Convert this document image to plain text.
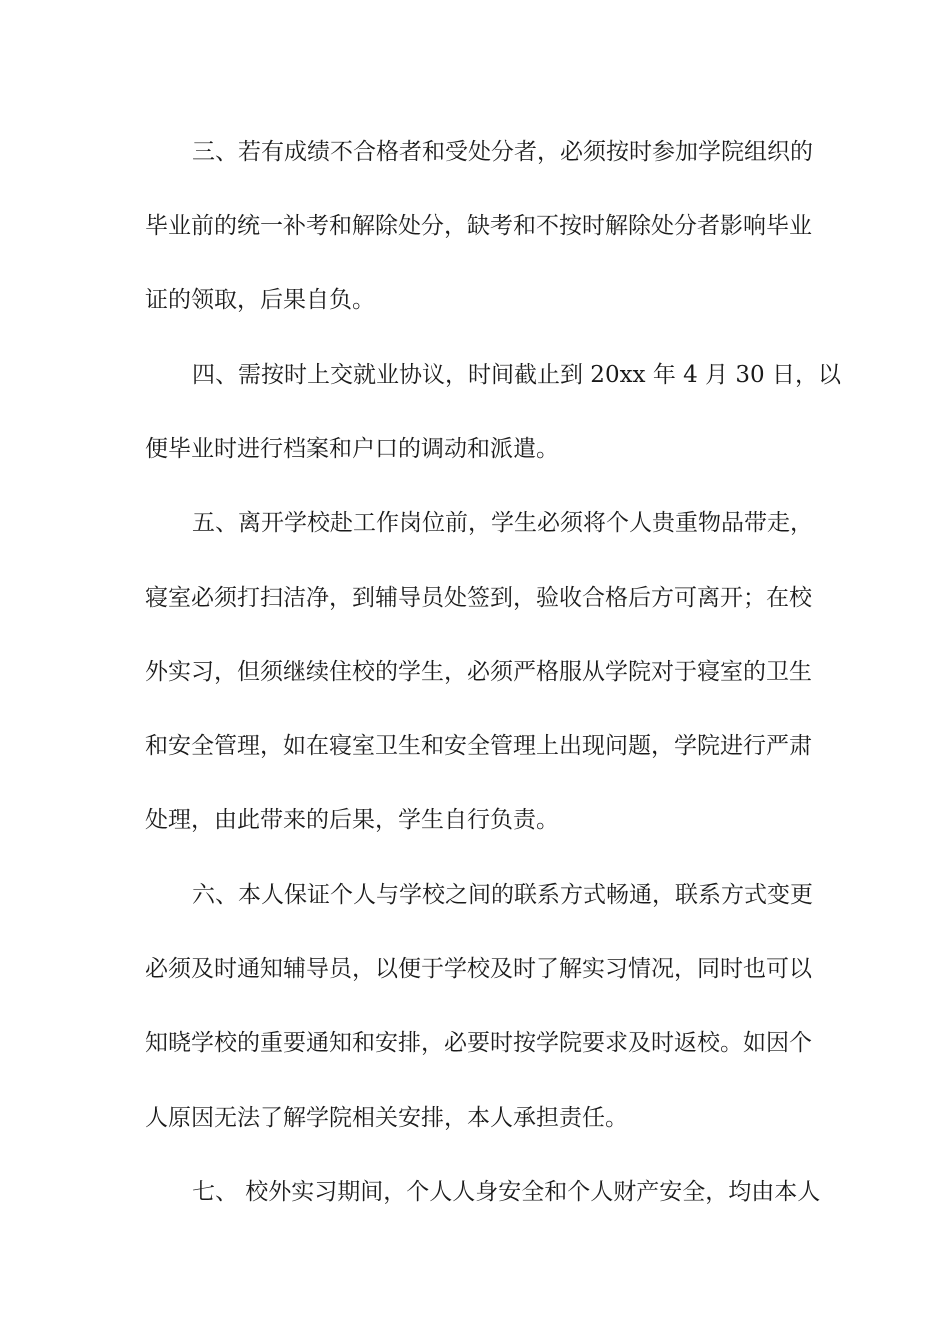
三、若有成绩不合格者和受处分者，必须按时参加学院组织的
毕业前的统一补考和解除处分，缺考和不按时解除处分者影响毕业
证的领取，后果自负。
四、需按时上交就业协议，时间截止到 20xx 年 4 月 30 日，以
便毕业时进行档案和户口的调动和派遣。
五、离开学校赴工作岗位前，学生必须将个人贵重物品带走，
寝室必须打扫洁净，到辅导员处签到，验收合格后方可离开；在校
外实习，但须继续住校的学生，必须严格服从学院对于寝室的卫生
和安全管理，如在寝室卫生和安全管理上出现问题，学院进行严肃
处理，由此带来的后果，学生自行负责。
六、本人保证个人与学校之间的联系方式畅通，联系方式变更
必须及时通知辅导员，以便于学校及时了解实习情况，同时也可以
知晓学校的重要通知和安排，必要时按学院要求及时返校。如因个
人原因无法了解学院相关安排，本人承担责任。
七、 校外实习期间，个人人身安全和个人财产安全，均由本人
